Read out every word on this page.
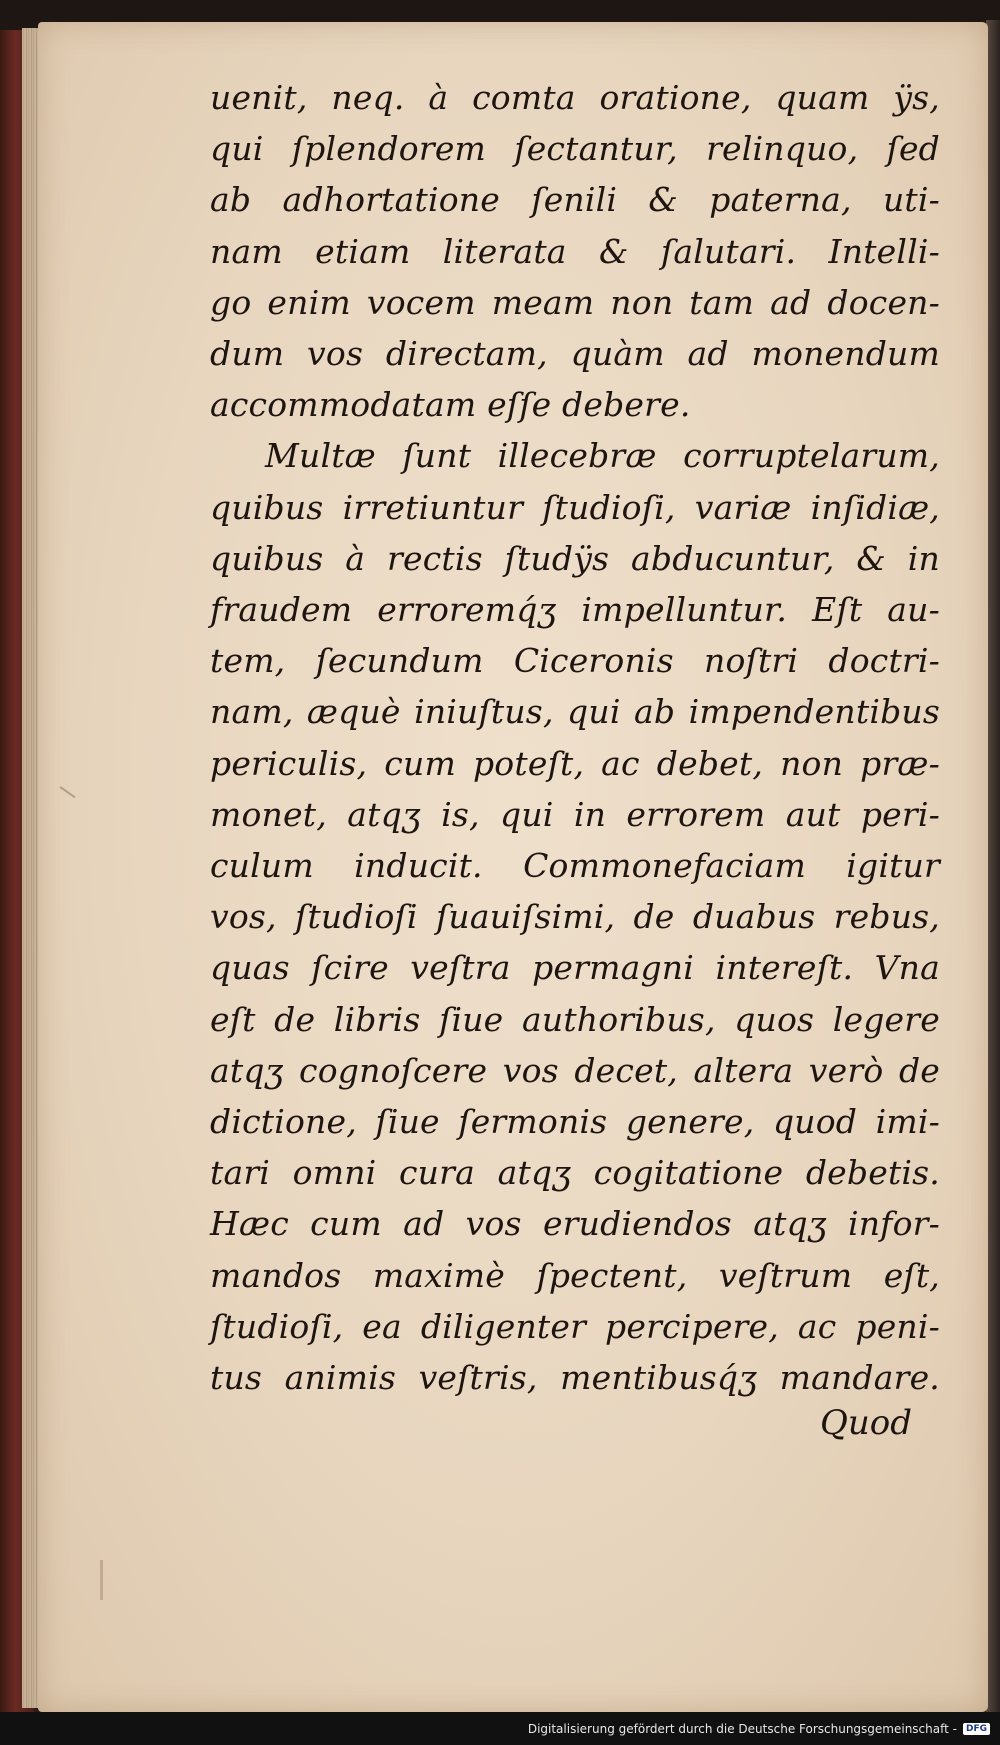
uenit, neq. à comta oratione, quam ÿs,
qui ſplendorem ſectantur, relinquo, ſed
ab adhortatione ſenili & paterna, uti-
nam etiam literata & ſalutari. Intelli-
go enim vocem meam non tam ad docen-
dum vos directam, quàm ad monendum
accommodatam eſſe debere.
Multæ ſunt illecebræ corruptelarum,
quibus irretiuntur ſtudioſi, variæ inſidiæ,
quibus à rectis ſtudÿs abducuntur, & in
fraudem erroremq́ʒ impelluntur. Eſt au-
tem, ſecundum Ciceronis noſtri doctri-
nam, æquè iniuſtus, qui ab impendentibus
periculis, cum poteſt, ac debet, non præ-
monet, atqʒ is, qui in errorem aut peri-
culum inducit. Commonefaciam igitur
vos, ſtudioſi ſuauiſsimi, de duabus rebus,
quas ſcire veſtra permagni intereſt. Vna
eſt de libris ſiue authoribus, quos legere
atqʒ cognoſcere vos decet, altera verò de
dictione, ſiue ſermonis genere, quod imi-
tari omni cura atqʒ cogitatione debetis.
Hæc cum ad vos erudiendos atqʒ infor-
mandos maximè ſpectent, veſtrum eſt,
ſtudioſi, ea diligenter percipere, ac peni-
tus animis veſtris, mentibusq́ʒ mandare.
Quod
Digitalisierung gefördert durch die Deutsche Forschungsgemeinschaft -	DFG
